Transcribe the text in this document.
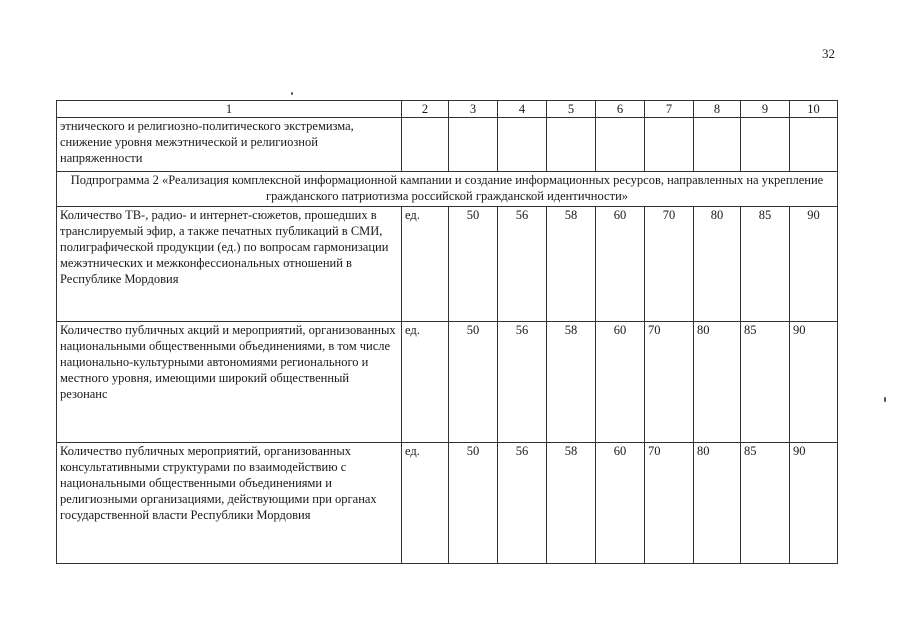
32
1	2	3	4	5	6	7	8	9	10
этнического и религиозно-политического экстремизма, снижение уровня межэтнической и религиозной напряженности									
Подпрограмма 2 «Реализация комплексной информационной кампании и создание информационных ресурсов, направленных на укрепление гражданского патриотизма российской гражданской идентичности»									
Количество ТВ-, радио- и интернет-сюжетов, прошедших в транслируемый эфир, а также печатных публикаций в СМИ, полиграфической продукции (ед.) по вопросам гармонизации межэтнических и межконфессиональных отношений в Республике Мордовия	ед.	50	56	58	60	70	80	85	90
Количество публичных акций и мероприятий, организованных национальными общественными объединениями, в том числе национально-культурными автономиями регионального и местного уровня, имеющими широкий общественный резонанс	ед.	50	56	58	60	70	80	85	90
Количество публичных мероприятий, организованных консультативными структурами по взаимодействию с национальными общественными объединениями и религиозными организациями, действующими при органах государственной власти Республики Мордовия	ед.	50	56	58	60	70	80	85	90
